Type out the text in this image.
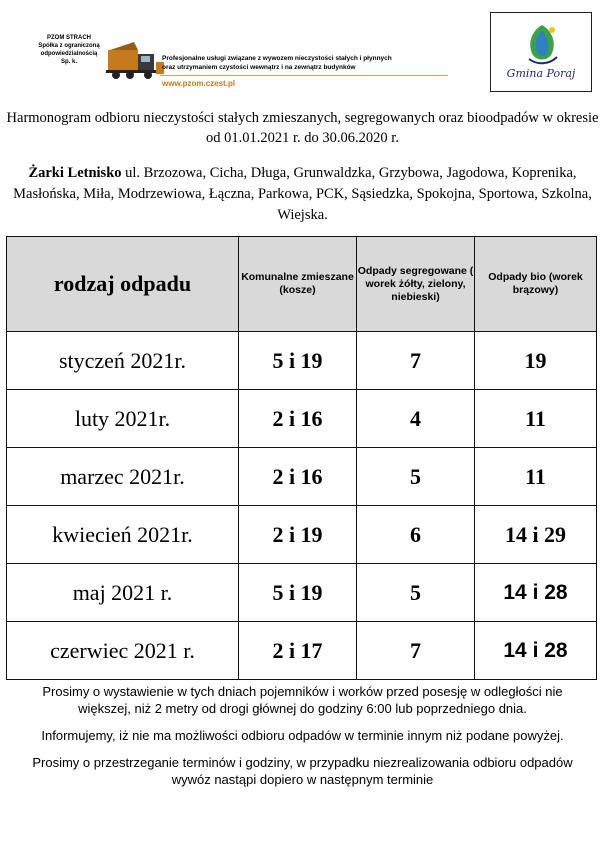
PZOM STRACH
Spółka z ograniczoną
odpowiedzialnością
Sp. k.	Profesjonalne usługi związane z wywozem nieczystości stałych i płynnych
oraz utrzymaniem czystości wewnątrz i na zewnątrz budynków
www.pzom.czest.pl
Gmina Poraj
Harmonogram odbioru nieczystości stałych zmieszanych, segregowanych oraz bioodpadów w okresie od 01.01.2021 r. do 30.06.2020 r.
Żarki Letnisko ul. Brzozowa, Cicha, Długa, Grunwaldzka, Grzybowa, Jagodowa, Koprenika, Masłońska, Miła, Modrzewiowa, Łączna, Parkowa, PCK, Sąsiedzka, Spokojna, Sportowa, Szkolna, Wiejska.
rodzaj odpadu	Komunalne zmieszane (kosze)	Odpady segregowane ( worek żółty, zielony, niebieski)	Odpady bio (worek brązowy)
styczeń 2021r.	5 i 19	7	19
luty 2021r.	2 i 16	4	11
marzec 2021r.	2 i 16	5	11
kwiecień 2021r.	2 i 19	6	14 i 29
maj 2021 r.	5 i 19	5	14 i 28
czerwiec 2021 r.	2 i 17	7	14 i 28

Prosimy o wystawienie w tych dniach pojemników i worków przed posesję w odległości nie większej, niż 2 metry od drogi głównej do godziny 6:00 lub poprzedniego dnia.

Informujemy, iż nie ma możliwości odbioru odpadów w terminie innym niż podane powyżej.

Prosimy o przestrzeganie terminów i godziny, w przypadku niezrealizowania odbioru odpadów wywóz nastąpi dopiero w następnym terminie
